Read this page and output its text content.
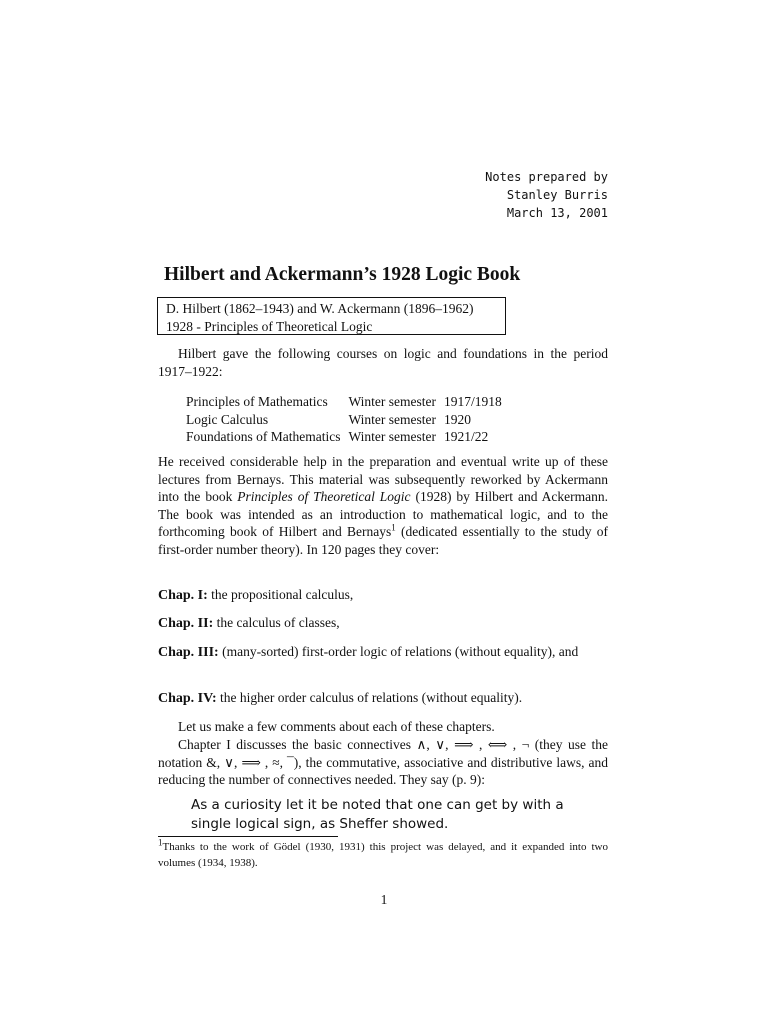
Notes prepared by
Stanley Burris
March 13, 2001
Hilbert and Ackermann’s 1928 Logic Book
D. Hilbert (1862–1943) and W. Ackermann (1896–1962)
1928 - Principles of Theoretical Logic
Hilbert gave the following courses on logic and foundations in the period 1917–1922:
Principles of Mathematics	Winter semester	1917/1918
Logic Calculus	Winter semester	1920
Foundations of Mathematics	Winter semester	1921/22
He received considerable help in the preparation and eventual write up of these lectures from Bernays. This material was subsequently reworked by Ackermann into the book Principles of Theoretical Logic (1928) by Hilbert and Ackermann. The book was intended as an introduction to mathematical logic, and to the forthcoming book of Hilbert and Bernays$^1$ (dedicated essentially to the study of first-order number theory). In 120 pages they cover:
Chap. I: the propositional calculus,
Chap. II: the calculus of classes,
Chap. III: (many-sorted) first-order logic of relations (without equality), and
Chap. IV: the higher order calculus of relations (without equality).
Let us make a few comments about each of these chapters.
Chapter I discusses the basic connectives ∧, ∨, ⟹ , ⟺ , ¬ (they use the notation &, ∨, ⟹ , ≈, ¯), the commutative, associative and distributive laws, and reducing the number of connectives needed. They say (p. 9):
As a curiosity let it be noted that one can get by with a single logical sign, as Sheffer showed.
$^1$Thanks to the work of Gödel (1930, 1931) this project was delayed, and it expanded into two volumes (1934, 1938).
1
